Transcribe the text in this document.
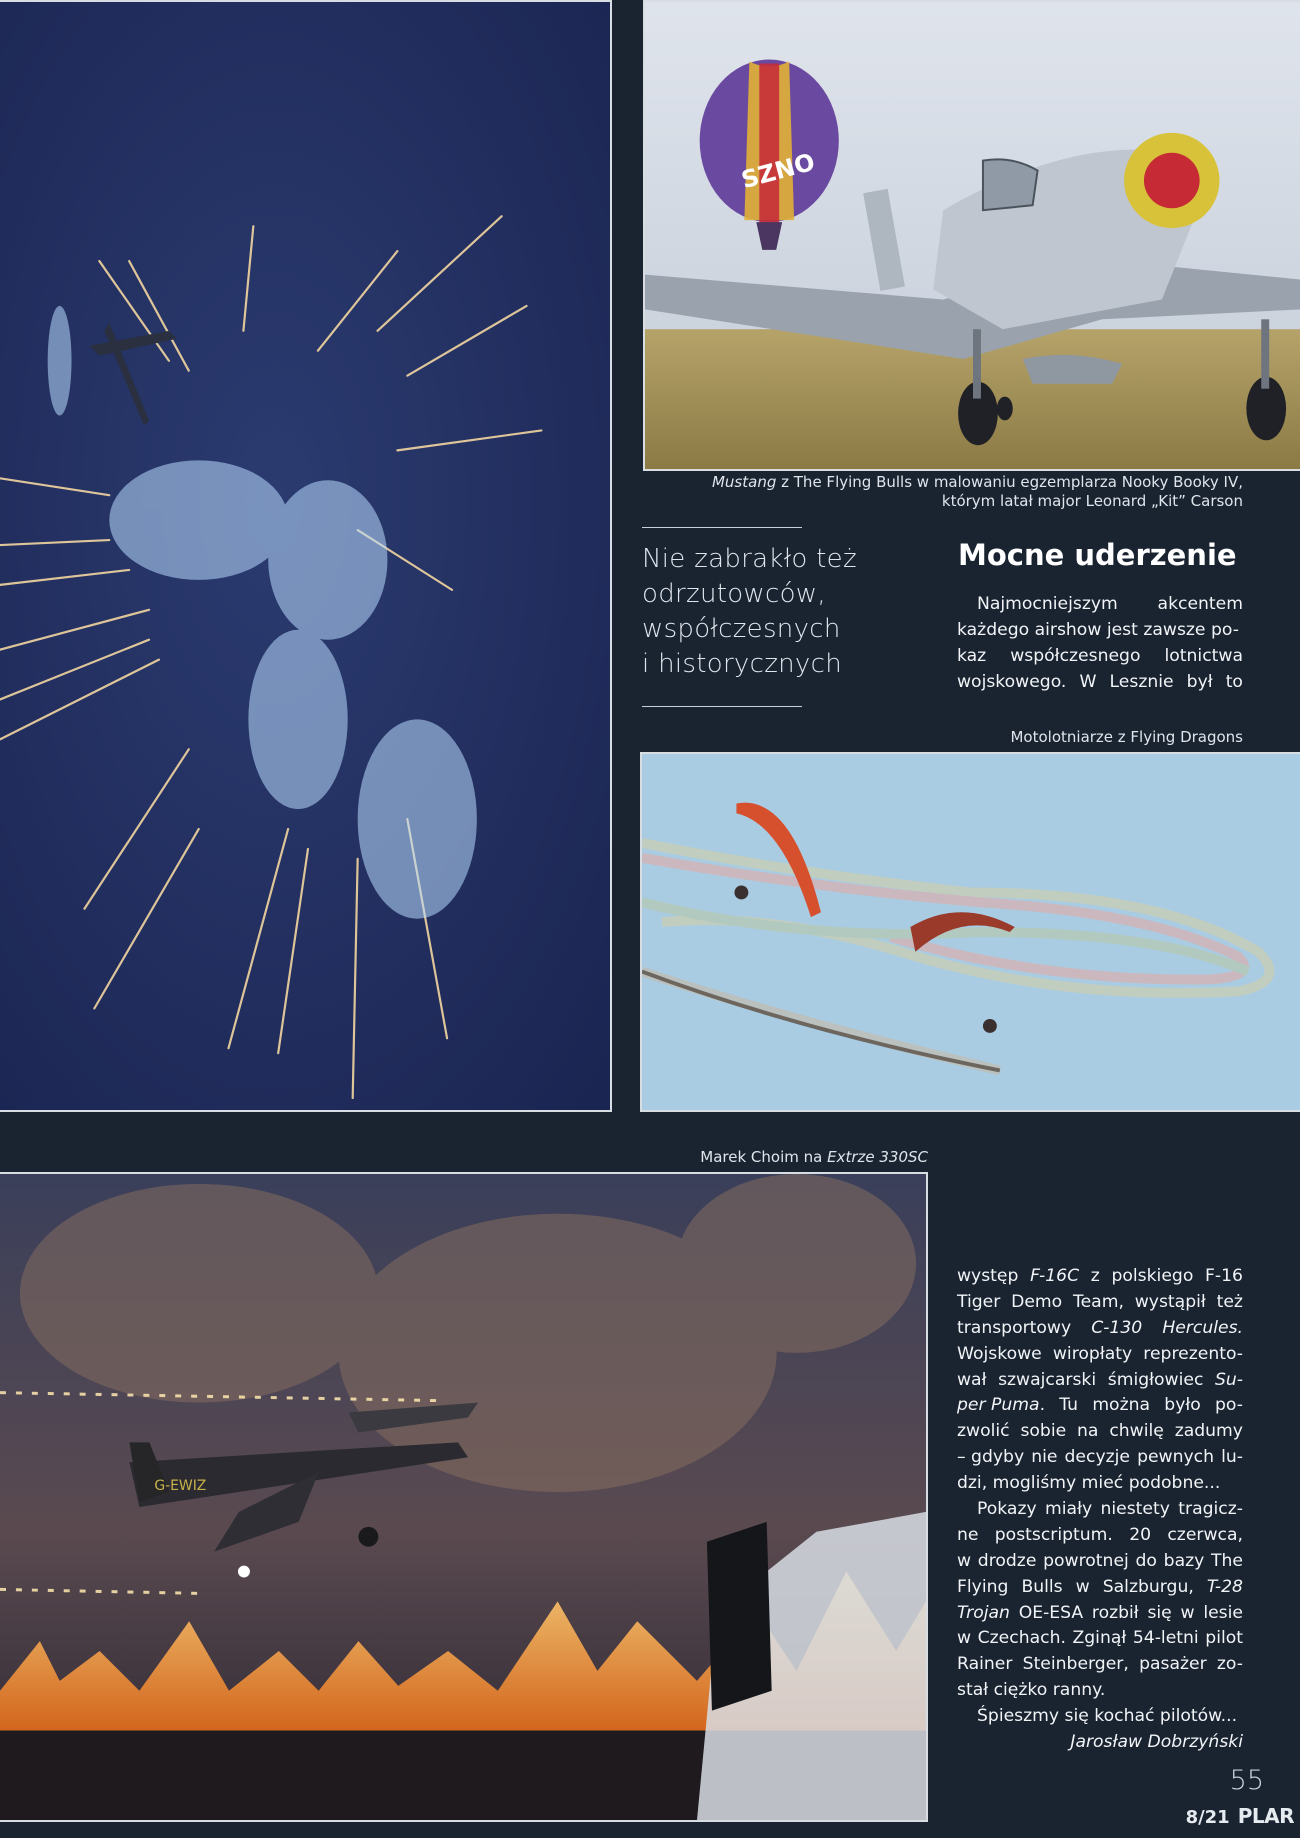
SZNO
Mustang z The Flying Bulls w malowaniu egzemplarza Nooky Booky IV,
którym latał major Leonard „Kit” Carson
Nie zabrakło też
odrzutowców,
współczesnych
i historycznych
Mocne uderzenie
Najmocniejszym akcentem
każdego airshow jest zawsze po-
kaz współczesnego lotnictwa
wojskowego. W Lesznie był to
Motolotniarze z Flying Dragons
Marek Choim na Extrze 330SC
G-EWIZ
występ F-16C z polskiego F-16
Tiger Demo Team, wystąpił też
transportowy C-130 Hercules.
Wojskowe wiropłaty reprezento-
wał szwajcarski śmigłowiec Su-
per Puma. Tu można było po-
zwolić sobie na chwilę zadumy
– gdyby nie decyzje pewnych lu-
dzi, mogliśmy mieć podobne...
Pokazy miały niestety tragicz-
ne postscriptum. 20 czerwca,
w drodze powrotnej do bazy The
Flying Bulls w Salzburgu, T-28
Trojan OE-ESA rozbił się w lesie
w Czechach. Zginął 54-letni pilot
Rainer Steinberger, pasażer zo-
stał ciężko ranny.
Śpieszmy się kochać pilotów...
Jarosław Dobrzyński
55
8/21 PLAR
